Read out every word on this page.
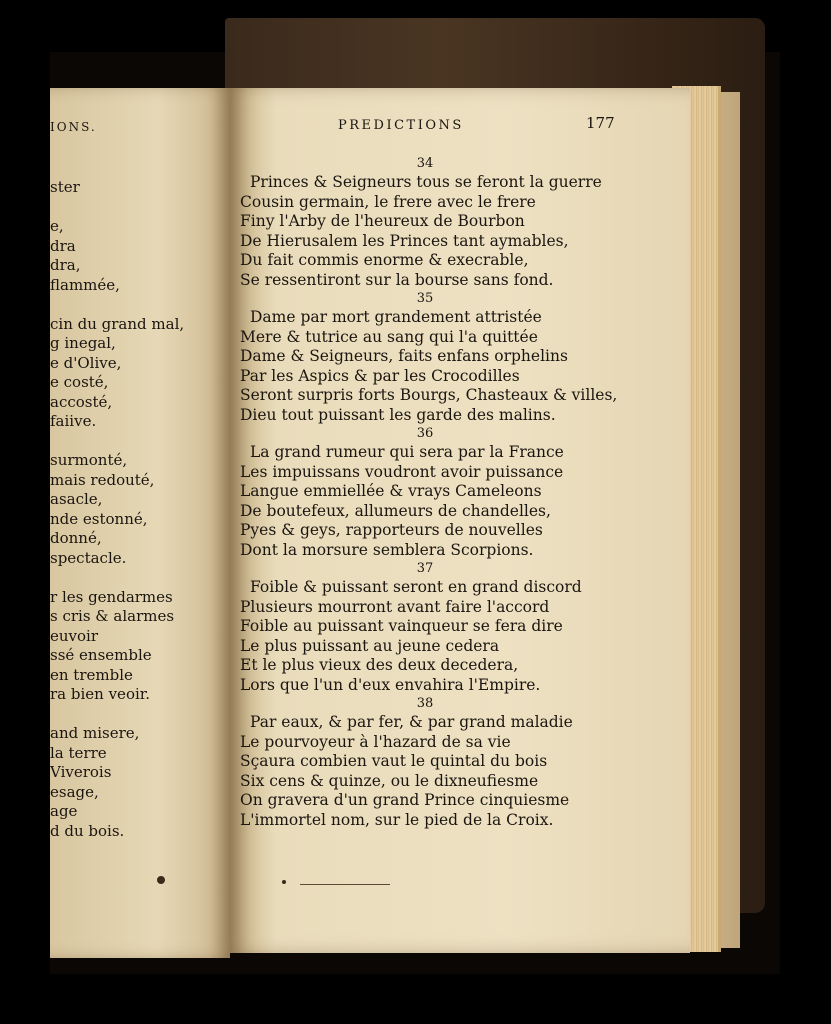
IONS.
ster
e,
dra
dra,
flammée,
cin du grand mal,
g inegal,
e d'Olive,
e costé,
accosté,
faiive.
surmonté,
mais redouté,
asacle,
nde estonné,
donné,
spectacle.
r les gendarmes
s cris & alarmes
euvoir
ssé ensemble
en tremble
ra bien veoir.
and misere,
la terre
Viverois
esage,
age
d du bois.
PREDICTIONS	177
34
Princes & Seigneurs tous se feront la guerre
Cousin germain, le frere avec le frere
Finy l'Arby de l'heureux de Bourbon
De Hierusalem les Princes tant aymables,
Du fait commis enorme & execrable,
Se ressentiront sur la bourse sans fond.
35
Dame par mort grandement attristée
Mere & tutrice au sang qui l'a quittée
Dame & Seigneurs, faits enfans orphelins
Par les Aspics & par les Crocodilles
Seront surpris forts Bourgs, Chasteaux & villes,
Dieu tout puissant les garde des malins.
36
La grand rumeur qui sera par la France
Les impuissans voudront avoir puissance
Langue emmiellée & vrays Cameleons
De boutefeux, allumeurs de chandelles,
Pyes & geys, rapporteurs de nouvelles
Dont la morsure semblera Scorpions.
37
Foible & puissant seront en grand discord
Plusieurs mourront avant faire l'accord
Foible au puissant vainqueur se fera dire
Le plus puissant au jeune cedera
Et le plus vieux des deux decedera,
Lors que l'un d'eux envahira l'Empire.
38
Par eaux, & par fer, & par grand maladie
Le pourvoyeur à l'hazard de sa vie
Sçaura combien vaut le quintal du bois
Six cens & quinze, ou le dixneufiesme
On gravera d'un grand Prince cinquiesme
L'immortel nom, sur le pied de la Croix.
